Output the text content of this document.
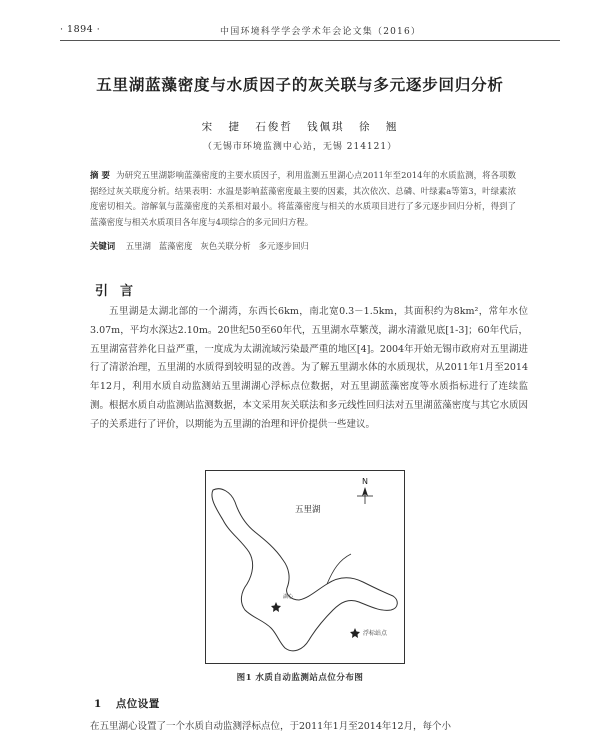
· 1894 ·	中国环境科学学会学术年会论文集（2016）
五里湖蓝藻密度与水质因子的灰关联与多元逐步回归分析
宋 捷 石俊哲 钱佩琪 徐 翘
（无锡市环境监测中心站，无锡 214121）
摘 要 为研究五里湖影响蓝藻密度的主要水质因子，利用监测五里湖心点2011年至2014年的水质监测，将各项数据经过灰关联度分析。结果表明：水温是影响蓝藻密度最主要的因素，其次依次、总磷、叶绿素a等第3，叶绿素浓度密切相关。溶解氧与蓝藻密度的关系相对最小。将蓝藻密度与相关的水质项目进行了多元逐步回归分析，得到了蓝藻密度与相关水质项目各年度与4项综合的多元回归方程。
关键词 五里湖 蓝藻密度 灰色关联分析 多元逐步回归
引言
五里湖是太湖北部的一个湖湾，东西长6km，南北宽0.3－1.5km，其面积约为8km²，常年水位3.07m，平均水深达2.10m。20世纪50至60年代，五里湖水草繁茂，湖水清澈见底[1-3]；60年代后，五里湖富营养化日益严重，一度成为太湖流域污染最严重的地区[4]。2004年开始无锡市政府对五里湖进行了清淤治理，五里湖的水质得到较明显的改善。为了解五里湖水体的水质现状，从2011年1月至2014年12月，利用水质自动监测站五里湖湖心浮标点位数据，对五里湖蓝藻密度等水质指标进行了连续监测。根据水质自动监测站监测数据，本文采用灰关联法和多元线性回归法对五里湖蓝藻密度与其它水质因子的关系进行了评价，以期能为五里湖的治理和评价提供一些建议。
N
五里湖
湖心
浮标站点
图1 水质自动监测站点位分布图
1 点位设置
在五里湖心设置了一个水质自动监测浮标点位，于2011年1月至2014年12月，每个小
